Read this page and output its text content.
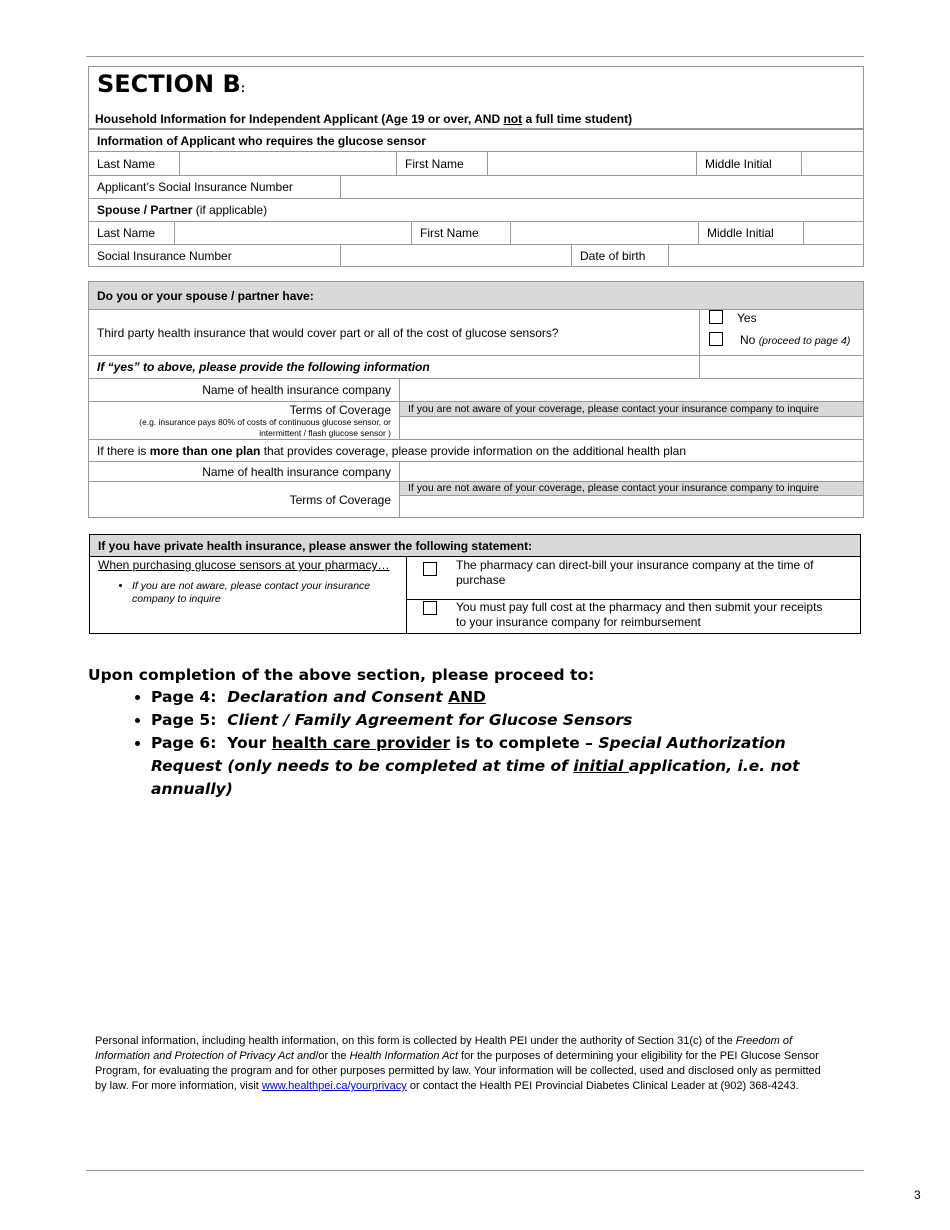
SECTION B:
Household Information for Independent Applicant (Age 19 or over, AND not a full time student)
Information of Applicant who requires the glucose sensor
Last Name	First Name	Middle Initial
Applicant’s Social Insurance Number
Spouse / Partner (if applicable)
Last Name	First Name	Middle Initial
Social Insurance Number	Date of birth
Do you or your spouse / partner have:
Third party health insurance that would cover part or all of the cost of glucose sensors?
Yes
No (proceed to page 4)
If “yes” to above, please provide the following information
Name of health insurance company
Terms of Coverage
(e.g. insurance pays 80% of costs of continuous glucose sensor, or intermittent / flash glucose sensor )
If you are not aware of your coverage, please contact your insurance company to inquire
If there is more than one plan that provides coverage, please provide information on the additional health plan
Name of health insurance company
Terms of Coverage
If you are not aware of your coverage, please contact your insurance company to inquire
If you have private health insurance, please answer the following statement:
When purchasing glucose sensors at your pharmacy…
• If you are not aware, please contact your insurance company to inquire
The pharmacy can direct-bill your insurance company at the time of purchase
You must pay full cost at the pharmacy and then submit your receipts to your insurance company for reimbursement
Upon completion of the above section, please proceed to:
• Page 4:  Declaration and Consent AND
• Page 5:  Client / Family Agreement for Glucose Sensors
• Page 6:  Your health care provider is to complete – Special Authorization Request (only needs to be completed at time of initial application, i.e. not annually)
Personal information, including health information, on this form is collected by Health PEI under the authority of Section 31(c) of the Freedom of Information and Protection of Privacy Act and/or the Health Information Act for the purposes of determining your eligibility for the PEI Glucose Sensor Program, for evaluating the program and for other purposes permitted by law. Your information will be collected, used and disclosed only as permitted by law. For more information, visit www.healthpei.ca/yourprivacy or contact the Health PEI Provincial Diabetes Clinical Leader at (902) 368-4243.
3
